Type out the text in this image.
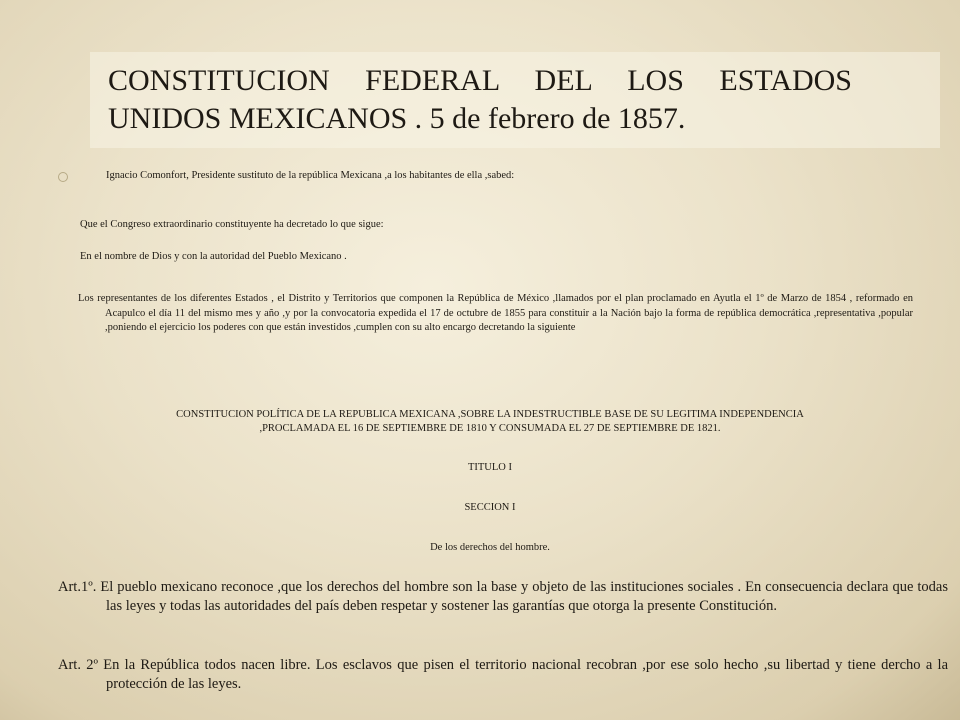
CONSTITUCION FEDERAL DEL LOS ESTADOS
UNIDOS MEXICANOS . 5 de febrero de 1857.
Ignacio Comonfort, Presidente sustituto de la república Mexicana ,a los habitantes de ella ,sabed:
Que el Congreso extraordinario constituyente ha decretado lo que sigue:
En el nombre de Dios y con la autoridad del Pueblo Mexicano .

Los representantes de los diferentes Estados , el Distrito y Territorios que componen la República de México ,llamados por el plan proclamado en Ayutla el 1º de Marzo de 1854 , reformado en Acapulco el día 11 del mismo mes y año ,y por la convocatoria expedida el 17 de octubre de 1855 para constituir a la Nación bajo la forma de república democrática ,representativa ,popular ,poniendo el ejercicio los poderes con que están investidos ,cumplen con su alto encargo decretando la siguiente

CONSTITUCION POLÍTICA DE LA REPUBLICA MEXICANA ,SOBRE LA INDESTRUCTIBLE BASE DE SU LEGITIMA INDEPENDENCIA
,PROCLAMADA EL 16 DE SEPTIEMBRE DE 1810 Y CONSUMADA EL 27 DE SEPTIEMBRE DE 1821.

TITULO I

SECCION I

De los derechos del hombre.

Art.1º. El pueblo mexicano reconoce ,que los derechos del hombre son la base y objeto de las instituciones sociales . En consecuencia declara que todas las leyes y todas las autoridades del país deben respetar y sostener las garantías que otorga la presente Constitución.

Art. 2º En la República todos nacen libre. Los esclavos que pisen el territorio nacional recobran ,por ese solo hecho ,su libertad y tiene dercho a la protección de las leyes.
